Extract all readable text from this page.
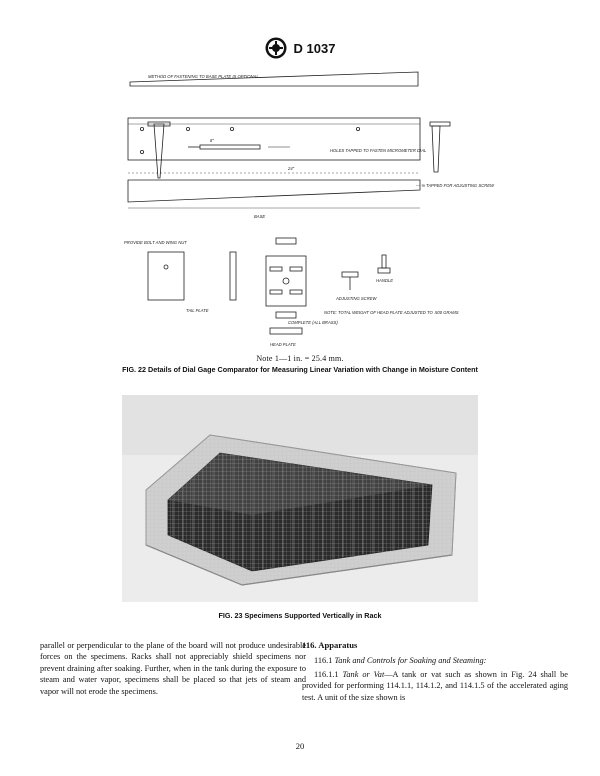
D 1037
METHOD OF FASTENING TO BASE PLATE IS OPTIONAL
HOLES TAPPED TO FASTEN MICROMETER DIAL
— ⅛ TAPPED FOR ADJUSTING SCREW
24"
8"
BASE
PROVIDE BOLT AND WING NUT
TAIL PLATE
ADJUSTING SCREW
HANDLE
HEAD PLATE
COMPLETE (ALL BRASS)
NOTE: TOTAL WEIGHT OF HEAD PLATE ADJUSTED TO .500 GRAMS
Note 1—1 in. = 25.4 mm.
FIG. 22 Details of Dial Gage Comparator for Measuring Linear Variation with Change in Moisture Content
FIG. 23 Specimens Supported Vertically in Rack

parallel or perpendicular to the plane of the board will not produce undesirable forces on the specimens. Racks shall not appreciably shield specimens nor prevent draining after soaking. Further, when in the tank during the exposure to steam and water vapor, specimens shall be placed so that jets of steam and vapor will not erode the specimens.

116. Apparatus

116.1 Tank and Controls for Soaking and Steaming:

116.1.1 Tank or Vat—A tank or vat such as shown in Fig. 24 shall be provided for performing 114.1.1, 114.1.2, and 114.1.5 of the accelerated aging test. A unit of the size shown is

20
